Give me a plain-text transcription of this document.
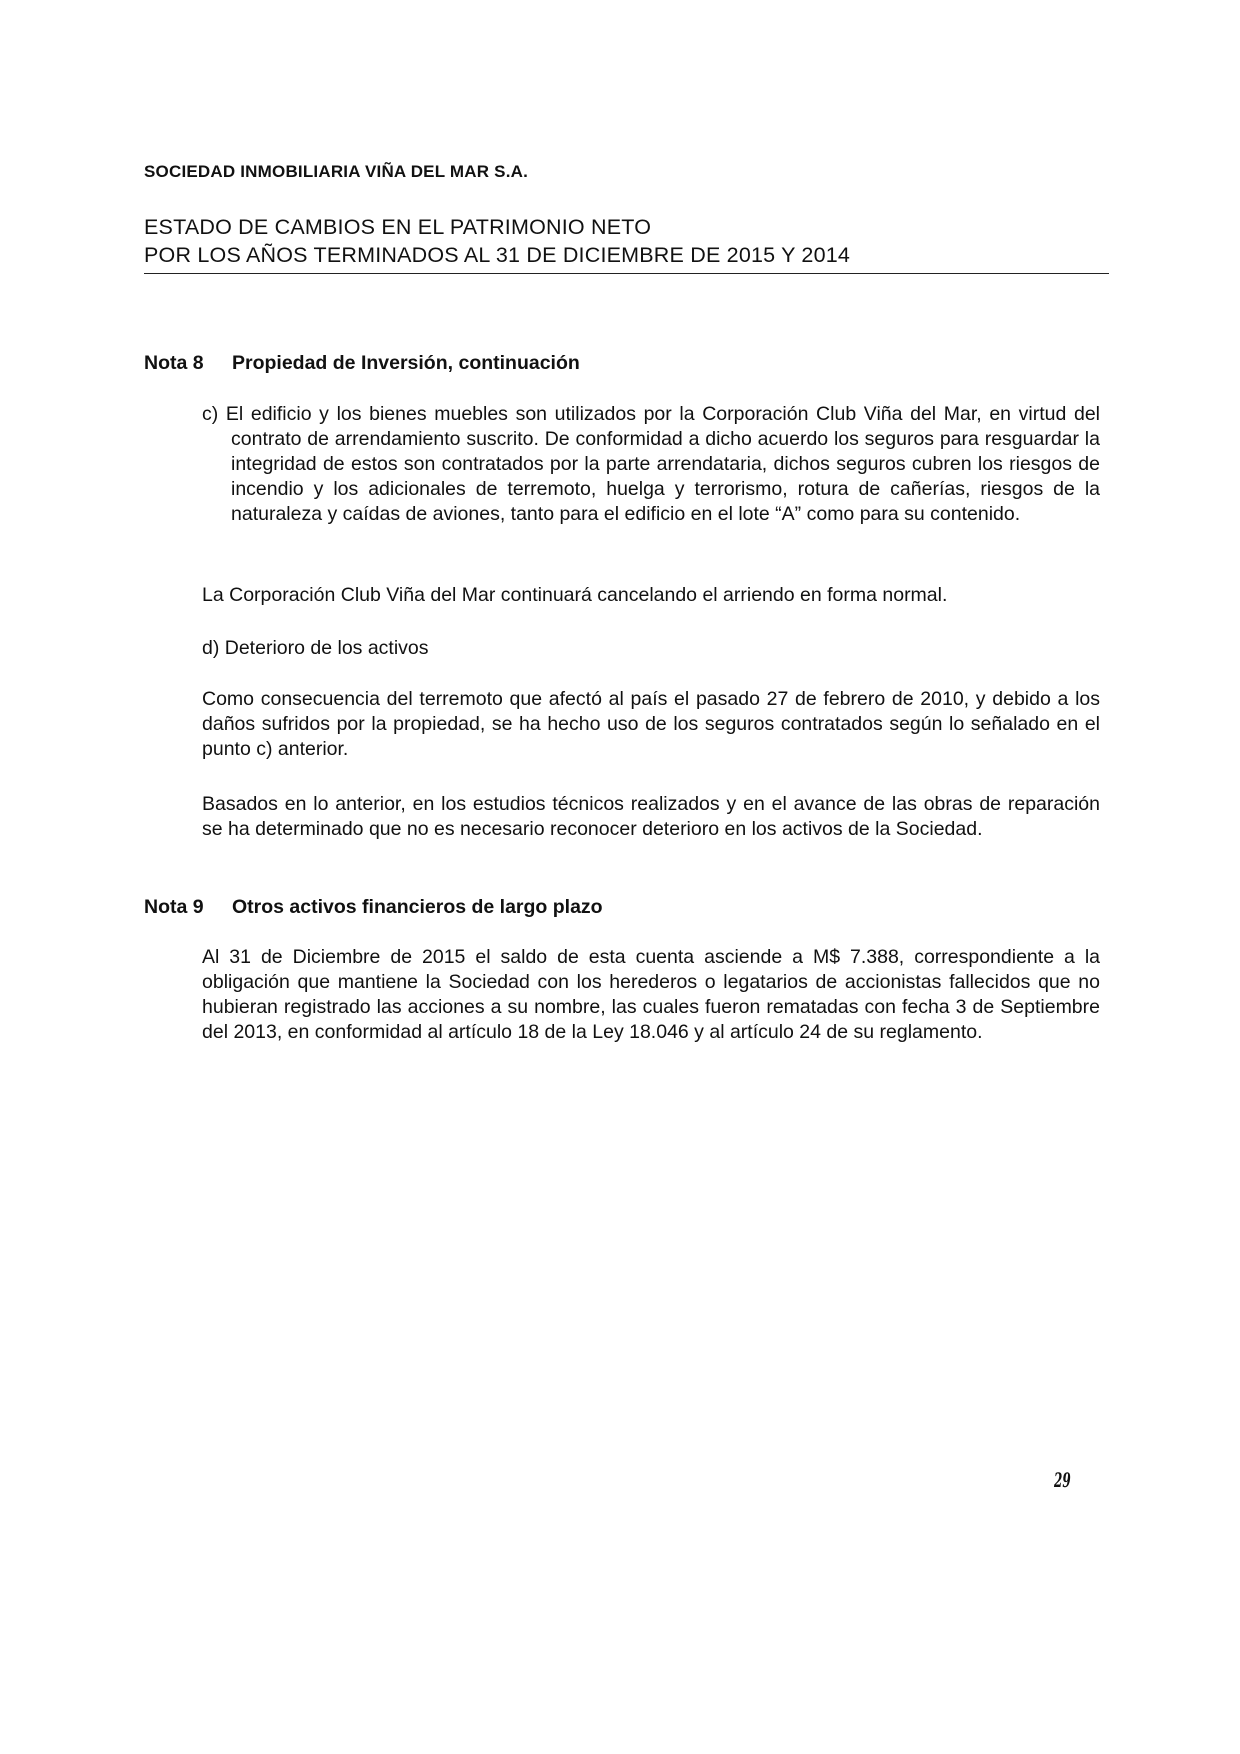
SOCIEDAD INMOBILIARIA VIÑA DEL MAR S.A.
ESTADO DE CAMBIOS EN EL PATRIMONIO NETO
POR LOS AÑOS TERMINADOS AL 31 DE DICIEMBRE DE 2015 Y 2014
Nota 8 Propiedad de Inversión, continuación
c) El edificio y los bienes muebles son utilizados por la Corporación Club Viña del Mar, en virtud del contrato de arrendamiento suscrito. De conformidad a dicho acuerdo los seguros para resguardar la integridad de estos son contratados por la parte arrendataria, dichos seguros cubren los riesgos de incendio y los adicionales de terremoto, huelga y terrorismo, rotura de cañerías, riesgos de la naturaleza y caídas de aviones, tanto para el edificio en el lote “A” como para su contenido.
La Corporación Club Viña del Mar continuará cancelando el arriendo en forma normal.
d) Deterioro de los activos
Como consecuencia del terremoto que afectó al país el pasado 27 de febrero de 2010, y debido a los daños sufridos por la propiedad, se ha hecho uso de los seguros contratados según lo señalado en el punto c) anterior.
Basados en lo anterior, en los estudios técnicos realizados y en el avance de las obras de reparación se ha determinado que no es necesario reconocer deterioro en los activos de la Sociedad.
Nota 9 Otros activos financieros de largo plazo
Al 31 de Diciembre de 2015 el saldo de esta cuenta asciende a M$ 7.388, correspondiente a la obligación que mantiene la Sociedad con los herederos o legatarios de accionistas fallecidos que no hubieran registrado las acciones a su nombre, las cuales fueron rematadas con fecha 3 de Septiembre del 2013, en conformidad al artículo 18 de la Ley 18.046 y al artículo 24 de su reglamento.
29
